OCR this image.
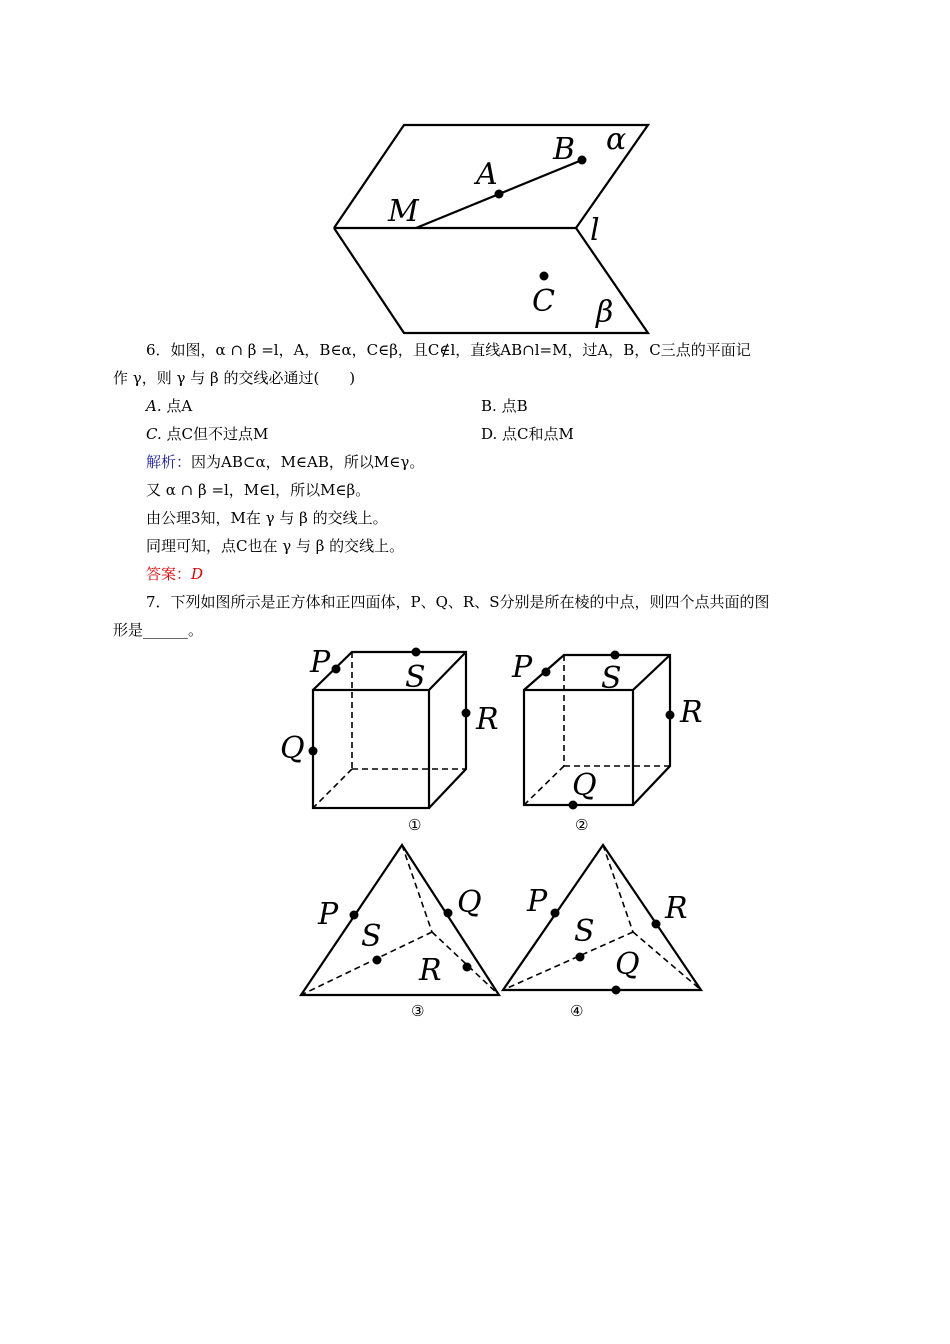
α
β
l
A
B
C
M
P S
R
Q
①
P S
R
Q
②
P
S
Q
R
③
P
S
R
Q
④
6．如图，α ∩ β =l，A，B∈α，C∈β，且C∉l，直线AB∩l=M，过A，B，C三点的平面记
作 γ，则 γ 与 β 的交线必通过(　　)
A. 点A	B. 点B
C. 点C但不过点M	D. 点C和点M
解析：因为AB⊂α，M∈AB，所以M∈γ。
又 α ∩ β =l，M∈l，所以M∈β。
由公理3知，M在 γ 与 β 的交线上。
同理可知，点C也在 γ 与 β 的交线上。
答案：D
7．下列如图所示是正方体和正四面体，P、Q、R、S分别是所在棱的中点，则四个点共面的图
形是______。
